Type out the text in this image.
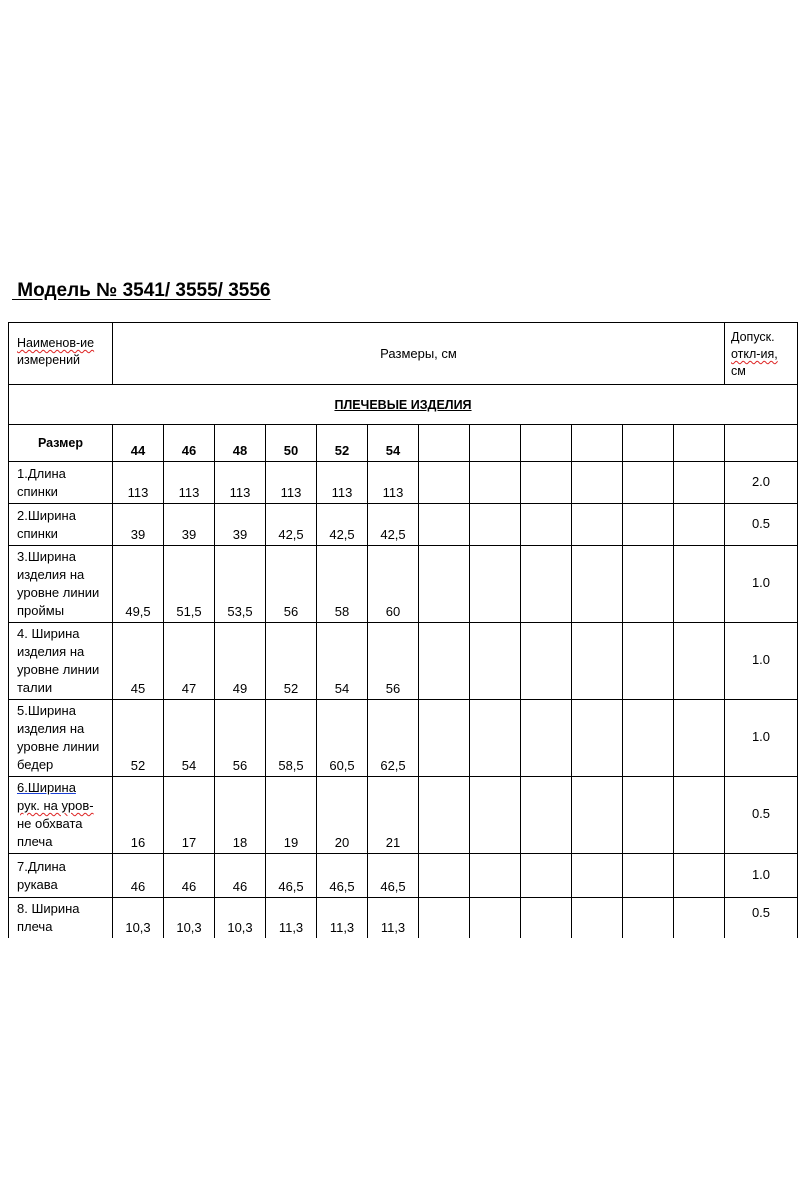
Модель № 3541/ 3555/ 3556
Наименов-ие
измерений	Размеры, см												Допуск.
откл-ия,
см
ПЛЕЧЕВЫЕ ИЗДЕЛИЯ													
Размер	44	46	48	50	52	54							
1.Длина
спинки	113	113	113	113	113	113							2.0
2.Ширина
спинки	39	39	39	42,5	42,5	42,5							0.5
3.Ширина
изделия на
уровне линии
проймы	49,5	51,5	53,5	56	58	60							1.0
4. Ширина
изделия на
уровне линии
талии	45	47	49	52	54	56							1.0
5.Ширина
изделия на
уровне линии
бедер	52	54	56	58,5	60,5	62,5							1.0
6.Ширина
рук. на уров-
не обхвата
плеча	16	17	18	19	20	21							0.5
7.Длина
рукава	46	46	46	46,5	46,5	46,5							1.0
8. Ширина
плеча	10,3	10,3	10,3	11,3	11,3	11,3							0.5
